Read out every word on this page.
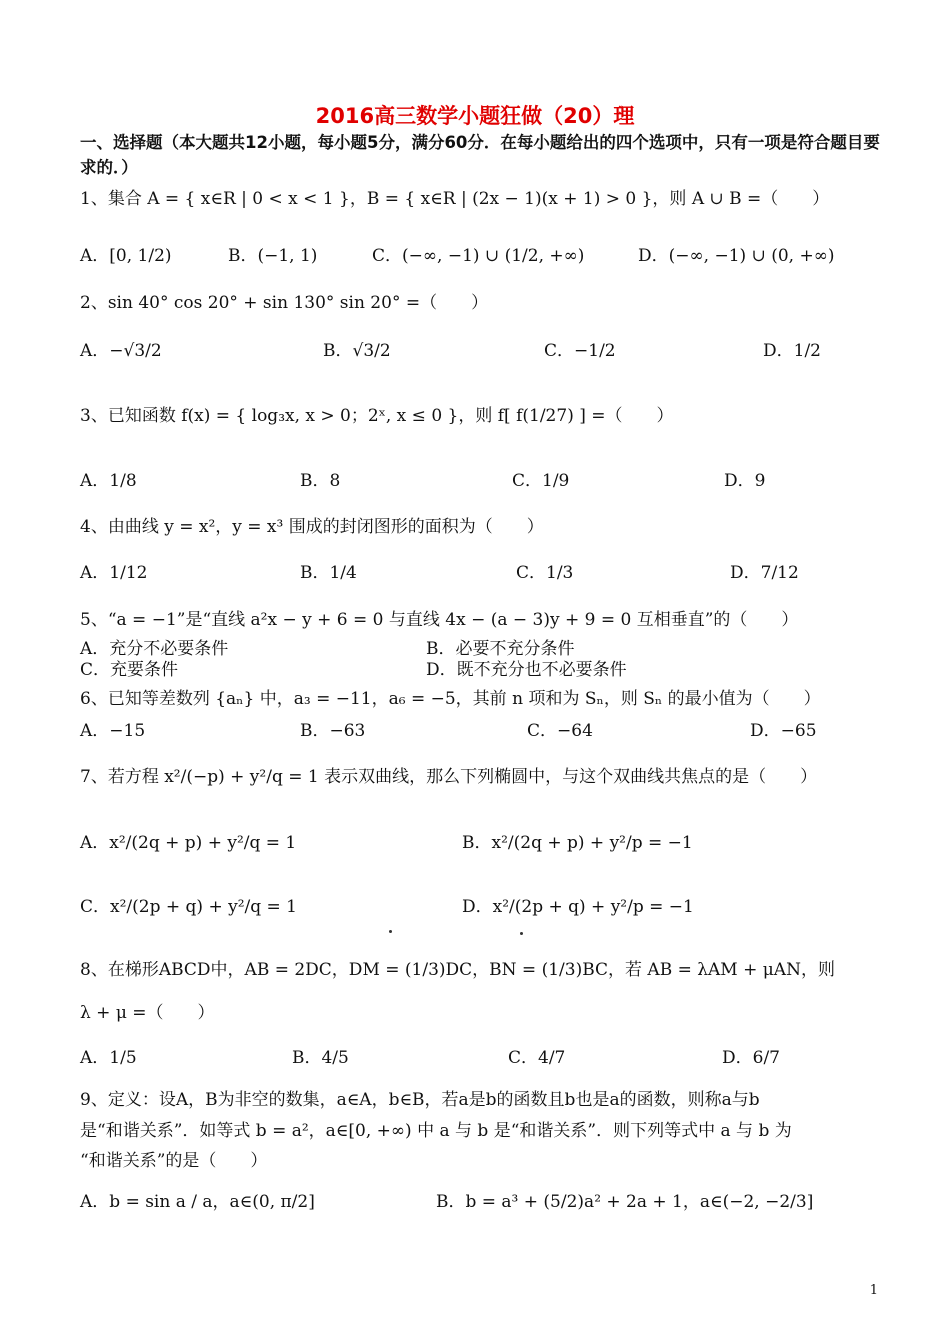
2016高三数学小题狂做（20）理
一、选择题（本大题共12小题，每小题5分，满分60分．在每小题给出的四个选项中，只有一项是符合题目要求的．）
1、集合 A = { x∈R | 0 < x < 1 }，B = { x∈R | (2x − 1)(x + 1) > 0 }，则 A ∪ B =（　　）
A．[0, 1/2)	B．(−1, 1)	C．(−∞, −1) ∪ (1/2, +∞)	D．(−∞, −1) ∪ (0, +∞)
2、sin 40° cos 20° + sin 130° sin 20° =（　　）
A．−√3/2	B．√3/2	C．−1/2	D．1/2
3、已知函数 f(x) = { log₃x, x > 0；2ˣ, x ≤ 0 }，则 f[ f(1/27) ] =（　　）
A．1/8	B．8	C．1/9	D．9
4、由曲线 y = x²，y = x³ 围成的封闭图形的面积为（　　）
A．1/12	B．1/4	C．1/3	D．7/12
5、“a = −1”是“直线 a²x − y + 6 = 0 与直线 4x − (a − 3)y + 9 = 0 互相垂直”的（　　）
A．充分不必要条件	B．必要不充分条件
C．充要条件	D．既不充分也不必要条件
6、已知等差数列 {aₙ} 中，a₃ = −11，a₆ = −5，其前 n 项和为 Sₙ，则 Sₙ 的最小值为（　　）
A．−15	B．−63	C．−64	D．−65
7、若方程 x²/(−p) + y²/q = 1 表示双曲线，那么下列椭圆中，与这个双曲线共焦点的是（　　）
A．x²/(2q + p) + y²/q = 1	B．x²/(2q + p) + y²/p = −1
C．x²/(2p + q) + y²/q = 1	D．x²/(2p + q) + y²/p = −1
8、在梯形ABCD中，AB = 2DC，DM = (1/3)DC，BN = (1/3)BC，若 AB = λAM + μAN，则
λ + μ =（　　）
A．1/5	B．4/5	C．4/7	D．6/7
9、定义：设A，B为非空的数集，a∈A，b∈B，若a是b的函数且b也是a的函数，则称a与b
是“和谐关系”．如等式 b = a²，a∈[0, +∞) 中 a 与 b 是“和谐关系”．则下列等式中 a 与 b 为
“和谐关系”的是（　　）
A．b = sin a / a，a∈(0, π/2]	B．b = a³ + (5/2)a² + 2a + 1，a∈(−2, −2/3]
1
